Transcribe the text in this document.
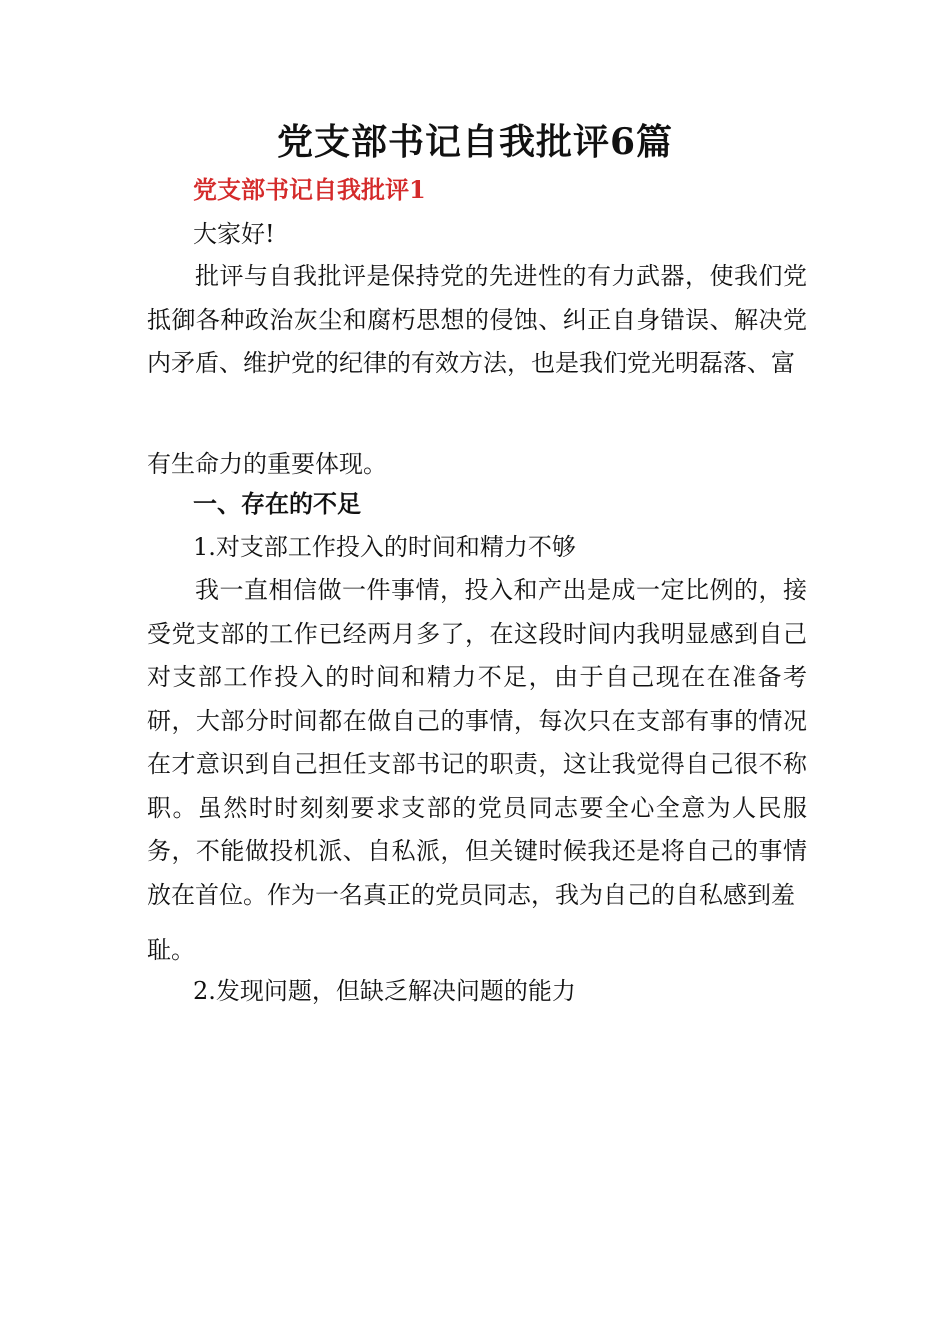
党支部书记自我批评6篇
党支部书记自我批评1
大家好!
批评与自我批评是保持党的先进性的有力武器，使我们党抵御各种政治灰尘和腐朽思想的侵蚀、纠正自身错误、解决党内矛盾、维护党的纪律的有效方法，也是我们党光明磊落、富
有生命力的重要体现。
一、存在的不足
1.对支部工作投入的时间和精力不够
我一直相信做一件事情，投入和产出是成一定比例的，接受党支部的工作已经两月多了，在这段时间内我明显感到自己对支部工作投入的时间和精力不足，由于自己现在在准备考研，大部分时间都在做自己的事情，每次只在支部有事的情况在才意识到自己担任支部书记的职责，这让我觉得自己很不称职。虽然时时刻刻要求支部的党员同志要全心全意为人民服务，不能做投机派、自私派，但关键时候我还是将自己的事情放在首位。作为一名真正的党员同志，我为自己的自私感到羞
耻。
2.发现问题，但缺乏解决问题的能力
